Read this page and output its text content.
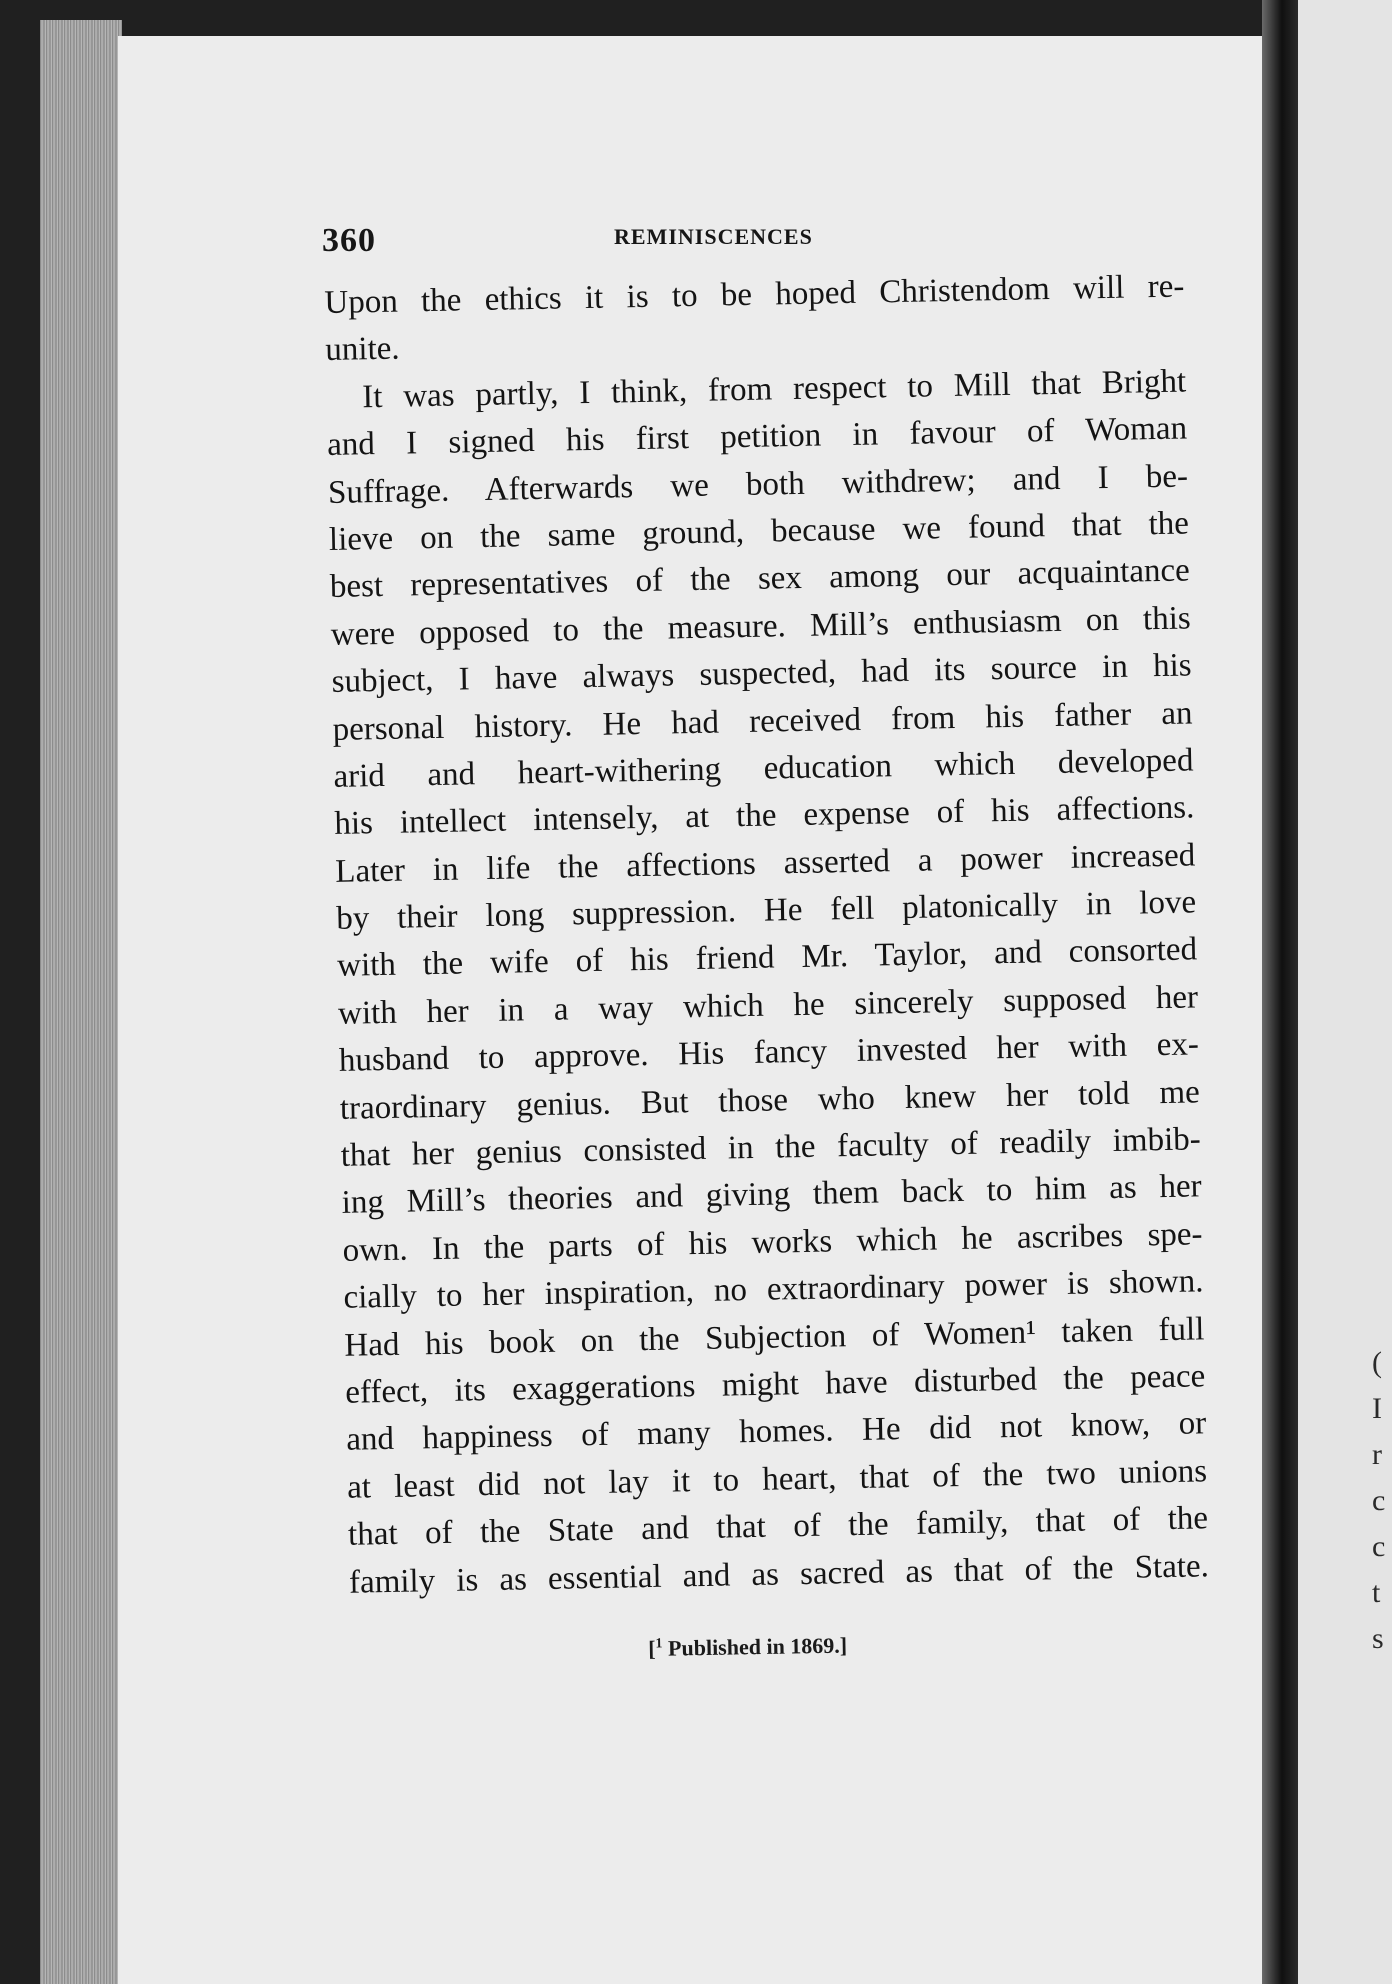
(
I
r
c
c
t
s
360	REMINISCENCES
Upon the ethics it is to be hoped Christendom will re-
unite.
It was partly, I think, from respect to Mill that Bright
and I signed his first petition in favour of Woman
Suffrage. Afterwards we both withdrew; and I be-
lieve on the same ground, because we found that the
best representatives of the sex among our acquaintance
were opposed to the measure. Mill’s enthusiasm on this
subject, I have always suspected, had its source in his
personal history. He had received from his father an
arid and heart-withering education which developed
his intellect intensely, at the expense of his affections.
Later in life the affections asserted a power increased
by their long suppression. He fell platonically in love
with the wife of his friend Mr. Taylor, and consorted
with her in a way which he sincerely supposed her
husband to approve. His fancy invested her with ex-
traordinary genius. But those who knew her told me
that her genius consisted in the faculty of readily imbib-
ing Mill’s theories and giving them back to him as her
own. In the parts of his works which he ascribes spe-
cially to her inspiration, no extraordinary power is shown.
Had his book on the Subjection of Women¹ taken full
effect, its exaggerations might have disturbed the peace
and happiness of many homes. He did not know, or
at least did not lay it to heart, that of the two unions
that of the State and that of the family, that of the
family is as essential and as sacred as that of the State.
[$^1$ Published in 1869.]
